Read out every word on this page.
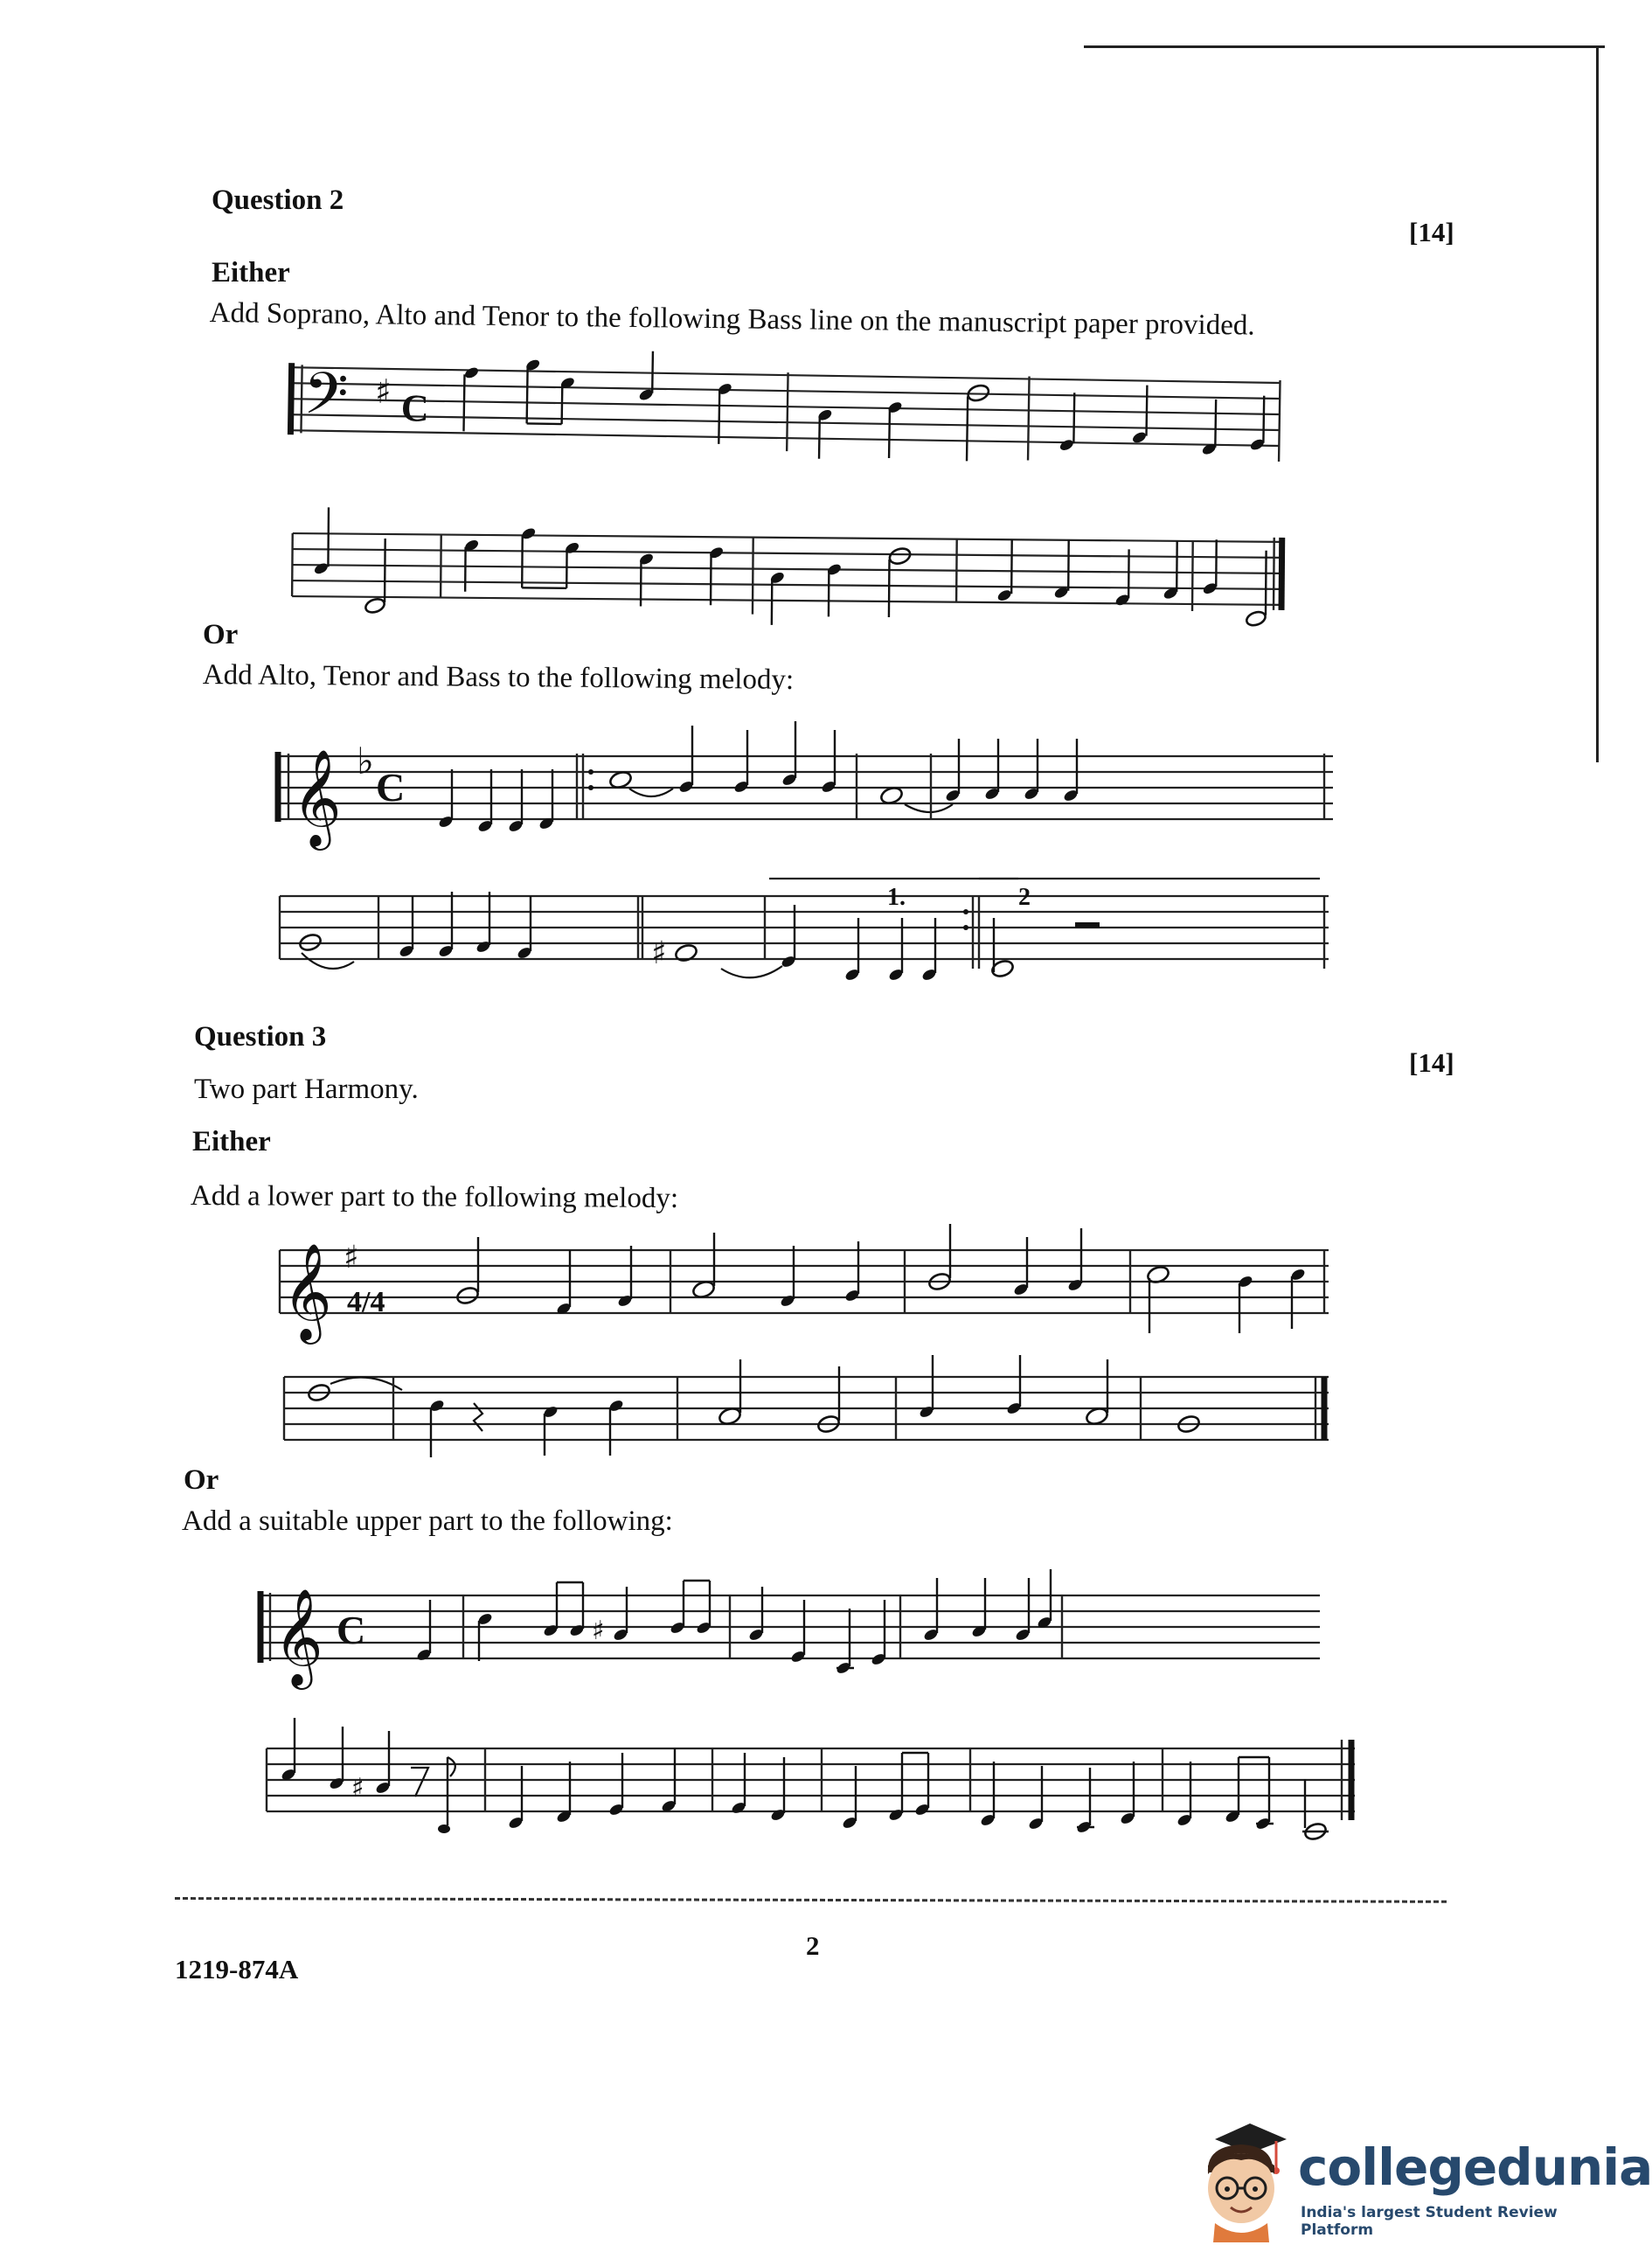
Question 2
[14]
Either
Add Soprano, Alto and Tenor to the following Bass line on the manuscript paper provided.
𝄢 ♯ C
Or
Add Alto, Tenor and Bass to the following melody:
𝄞 ♭
C
♯
1.	2
Question 3
[14]
Two part Harmony.
Either
Add a lower part to the following melody:
𝄞 ♯
4/4
Or
Add a suitable upper part to the following:
𝄞 C	♯
♯
2
1219-874A
collegedunia
India's largest Student Review Platform
